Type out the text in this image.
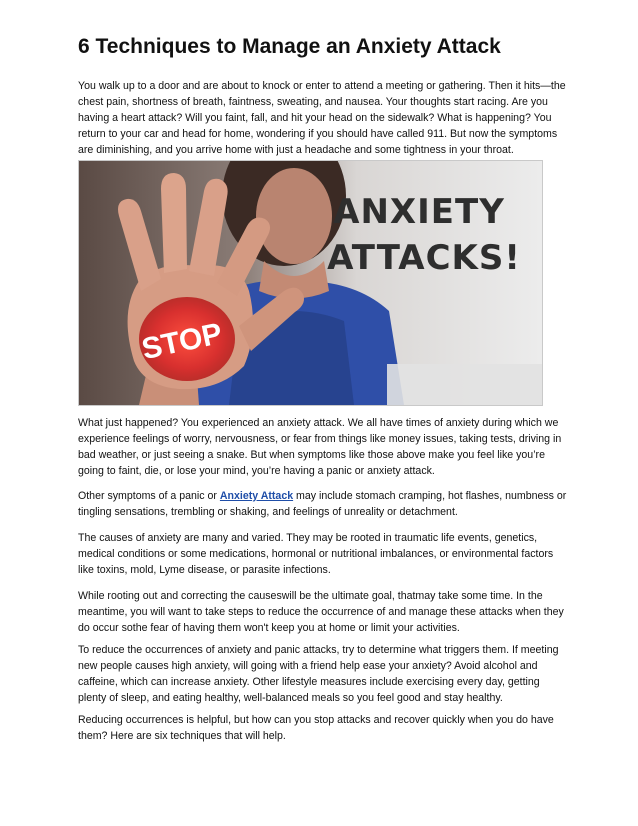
6 Techniques to Manage an Anxiety Attack

You walk up to a door and are about to knock or enter to attend a meeting or gathering. Then it hits—the chest pain, shortness of breath, faintness, sweating, and nausea. Your thoughts start racing. Are you having a heart attack? Will you faint, fall, and hit your head on the sidewalk? What is happening? You return to your car and head for home, wondering if you should have called 911. But now the symptoms are diminishing, and you arrive home with just a headache and some tightness in your throat.

STOP
ANXIETY
ATTACKS!

What just happened? You experienced an anxiety attack. We all have times of anxiety during which we experience feelings of worry, nervousness, or fear from things like money issues, taking tests, driving in bad weather, or just seeing a snake. But when symptoms like those above make you feel like you’re going to faint, die, or lose your mind, you’re having a panic or anxiety attack.

Other symptoms of a panic or Anxiety Attack may include stomach cramping, hot flashes, numbness or tingling sensations, trembling or shaking, and feelings of unreality or detachment.

The causes of anxiety are many and varied. They may be rooted in traumatic life events, genetics, medical conditions or some medications, hormonal or nutritional imbalances, or environmental factors like toxins, mold, Lyme disease, or parasite infections.

While rooting out and correcting the causeswill be the ultimate goal, thatmay take some time. In the meantime, you will want to take steps to reduce the occurrence of and manage these attacks when they do occur sothe fear of having them won't keep you at home or limit your activities.

To reduce the occurrences of anxiety and panic attacks, try to determine what triggers them. If meeting new people causes high anxiety, will going with a friend help ease your anxiety? Avoid alcohol and caffeine, which can increase anxiety. Other lifestyle measures include exercising every day, getting plenty of sleep, and eating healthy, well-balanced meals so you feel good and stay healthy.

Reducing occurrences is helpful, but how can you stop attacks and recover quickly when you do have them? Here are six techniques that will help.
